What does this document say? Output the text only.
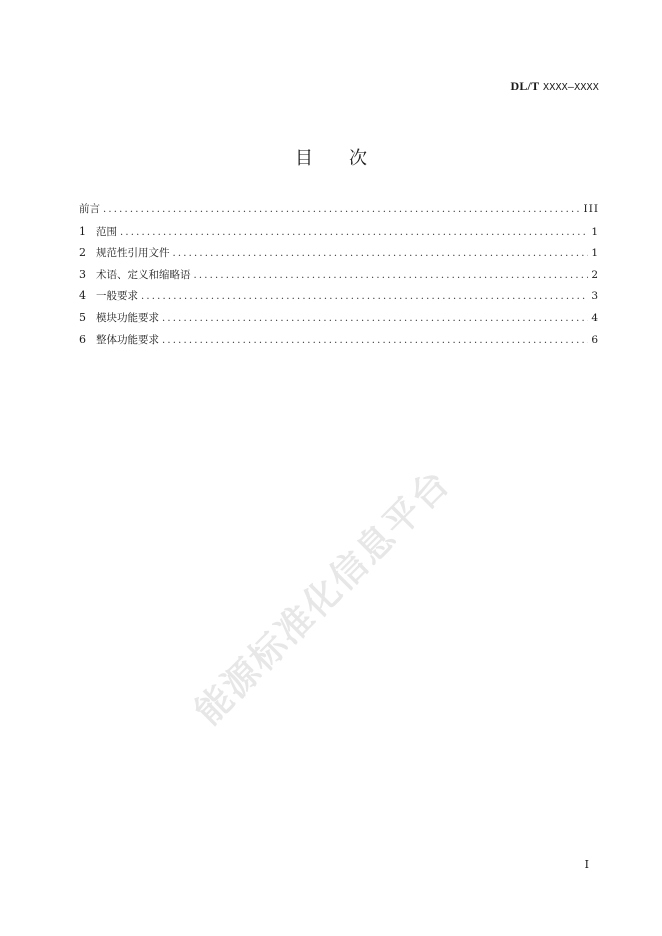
DL/T XXXX—XXXX
目次
前言 .....	III
1 范围 .....	1
2 规范性引用文件 .....	1
3 术语、定义和缩略语 .....	2
4 一般要求 .....	3
5 模块功能要求 .....	4
6 整体功能要求 .....	6
能源标准化信息平台
I
